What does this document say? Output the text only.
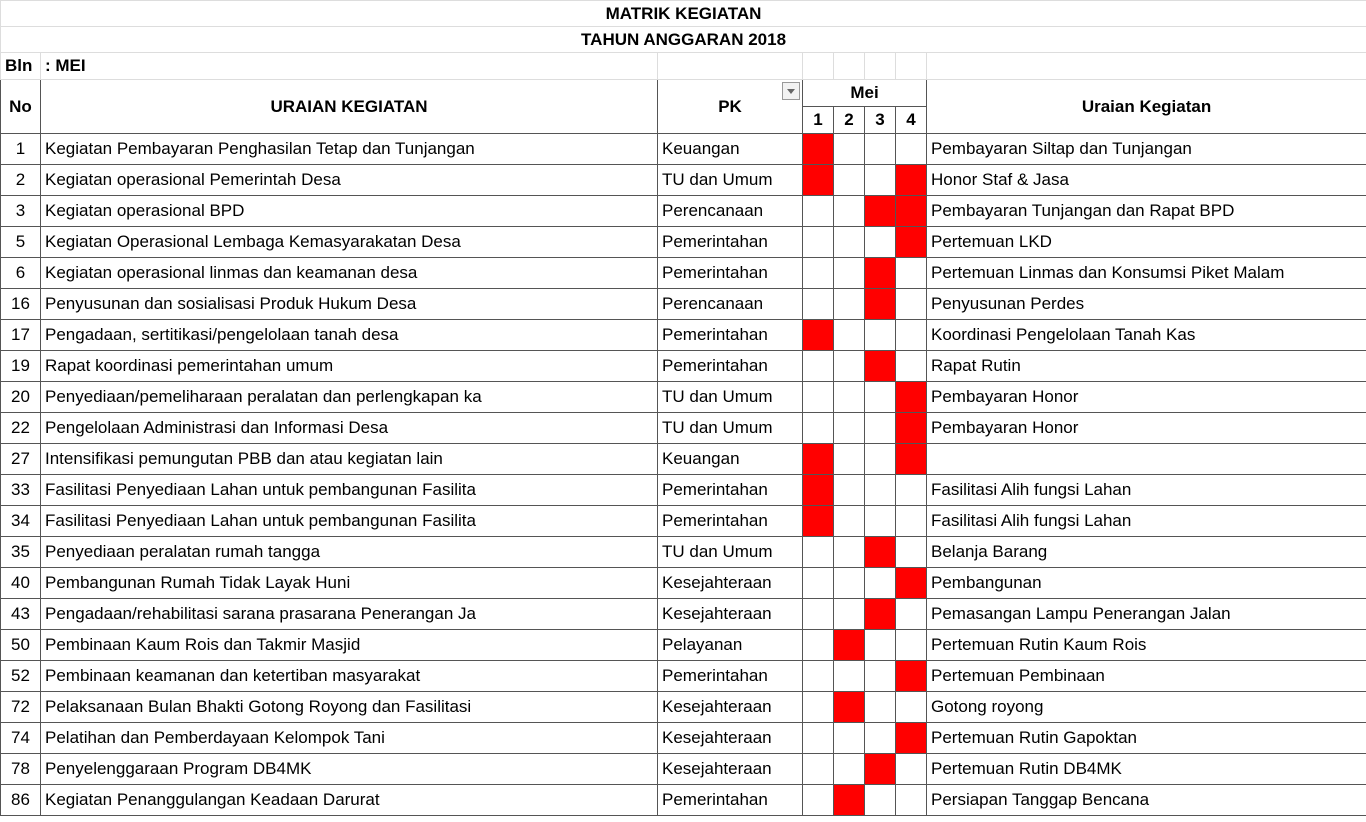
MATRIK KEGIATAN							
TAHUN ANGGARAN 2018							
Bln	: MEI						
No	URAIAN KEGIATAN	PK	Mei				Uraian Kegiatan
			1	2	3	4	
1	Kegiatan Pembayaran Penghasilan Tetap dan Tunjangan	Keuangan					Pembayaran Siltap dan Tunjangan
2	Kegiatan operasional Pemerintah Desa	TU dan Umum					Honor Staf & Jasa
3	Kegiatan operasional BPD	Perencanaan					Pembayaran Tunjangan dan Rapat BPD
5	Kegiatan Operasional Lembaga Kemasyarakatan Desa	Pemerintahan					Pertemuan LKD
6	Kegiatan operasional linmas dan keamanan desa	Pemerintahan					Pertemuan Linmas dan Konsumsi Piket Malam
16	Penyusunan dan sosialisasi Produk Hukum Desa	Perencanaan					Penyusunan Perdes
17	Pengadaan, sertitikasi/pengelolaan tanah desa	Pemerintahan					Koordinasi Pengelolaan Tanah Kas
19	Rapat koordinasi pemerintahan umum	Pemerintahan					Rapat Rutin
20	Penyediaan/pemeliharaan peralatan dan perlengkapan ka	TU dan Umum					Pembayaran Honor
22	Pengelolaan Administrasi dan Informasi Desa	TU dan Umum					Pembayaran Honor
27	Intensifikasi pemungutan PBB dan atau kegiatan lain	Keuangan					
33	Fasilitasi Penyediaan Lahan untuk pembangunan Fasilita	Pemerintahan					Fasilitasi Alih fungsi Lahan
34	Fasilitasi Penyediaan Lahan untuk pembangunan Fasilita	Pemerintahan					Fasilitasi Alih fungsi Lahan
35	Penyediaan peralatan rumah tangga	TU dan Umum					Belanja Barang
40	Pembangunan Rumah Tidak Layak Huni	Kesejahteraan					Pembangunan
43	Pengadaan/rehabilitasi sarana prasarana Penerangan Ja	Kesejahteraan					Pemasangan Lampu Penerangan Jalan
50	Pembinaan Kaum Rois dan Takmir Masjid	Pelayanan					Pertemuan Rutin Kaum Rois
52	Pembinaan keamanan dan ketertiban masyarakat	Pemerintahan					Pertemuan Pembinaan
72	Pelaksanaan Bulan Bhakti Gotong Royong dan Fasilitasi	Kesejahteraan					Gotong royong
74	Pelatihan dan Pemberdayaan Kelompok Tani	Kesejahteraan					Pertemuan Rutin Gapoktan
78	Penyelenggaraan Program DB4MK	Kesejahteraan					Pertemuan Rutin DB4MK
86	Kegiatan Penanggulangan Keadaan Darurat	Pemerintahan					Persiapan Tanggap Bencana
